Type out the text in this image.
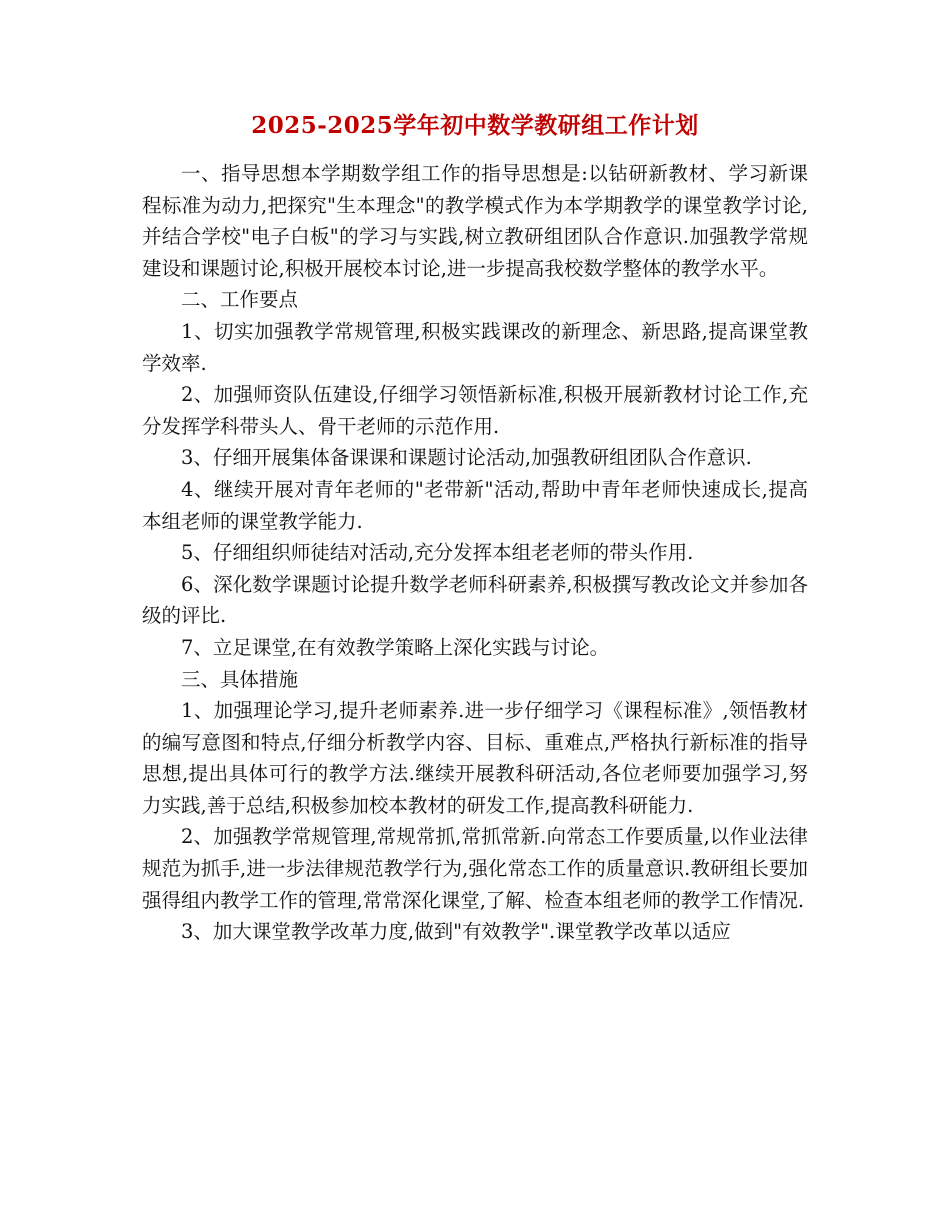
2025-2025学年初中数学教研组工作计划

一、指导思想本学期数学组工作的指导思想是:以钻研新教材、学习新课程标准为动力,把探究"生本理念"的教学模式作为本学期教学的课堂教学讨论,并结合学校"电子白板"的学习与实践,树立教研组团队合作意识.加强教学常规建设和课题讨论,积极开展校本讨论,进一步提高我校数学整体的教学水平。

二、工作要点

1、切实加强教学常规管理,积极实践课改的新理念、新思路,提高课堂教学效率.

2、加强师资队伍建设,仔细学习领悟新标准,积极开展新教材讨论工作,充分发挥学科带头人、骨干老师的示范作用.

3、仔细开展集体备课课和课题讨论活动,加强教研组团队合作意识.

4、继续开展对青年老师的"老带新"活动,帮助中青年老师快速成长,提高本组老师的课堂教学能力.

5、仔细组织师徒结对活动,充分发挥本组老老师的带头作用.

6、深化数学课题讨论提升数学老师科研素养,积极撰写教改论文并参加各级的评比.

7、立足课堂,在有效教学策略上深化实践与讨论。

三、具体措施

1、加强理论学习,提升老师素养.进一步仔细学习《课程标准》,领悟教材的编写意图和特点,仔细分析教学内容、目标、重难点,严格执行新标准的指导思想,提出具体可行的教学方法.继续开展教科研活动,各位老师要加强学习,努力实践,善于总结,积极参加校本教材的研发工作,提高教科研能力.

2、加强教学常规管理,常规常抓,常抓常新.向常态工作要质量,以作业法律规范为抓手,进一步法律规范教学行为,强化常态工作的质量意识.教研组长要加强得组内教学工作的管理,常常深化课堂,了解、检查本组老师的教学工作情况.

3、加大课堂教学改革力度,做到"有效教学".课堂教学改革以适应
